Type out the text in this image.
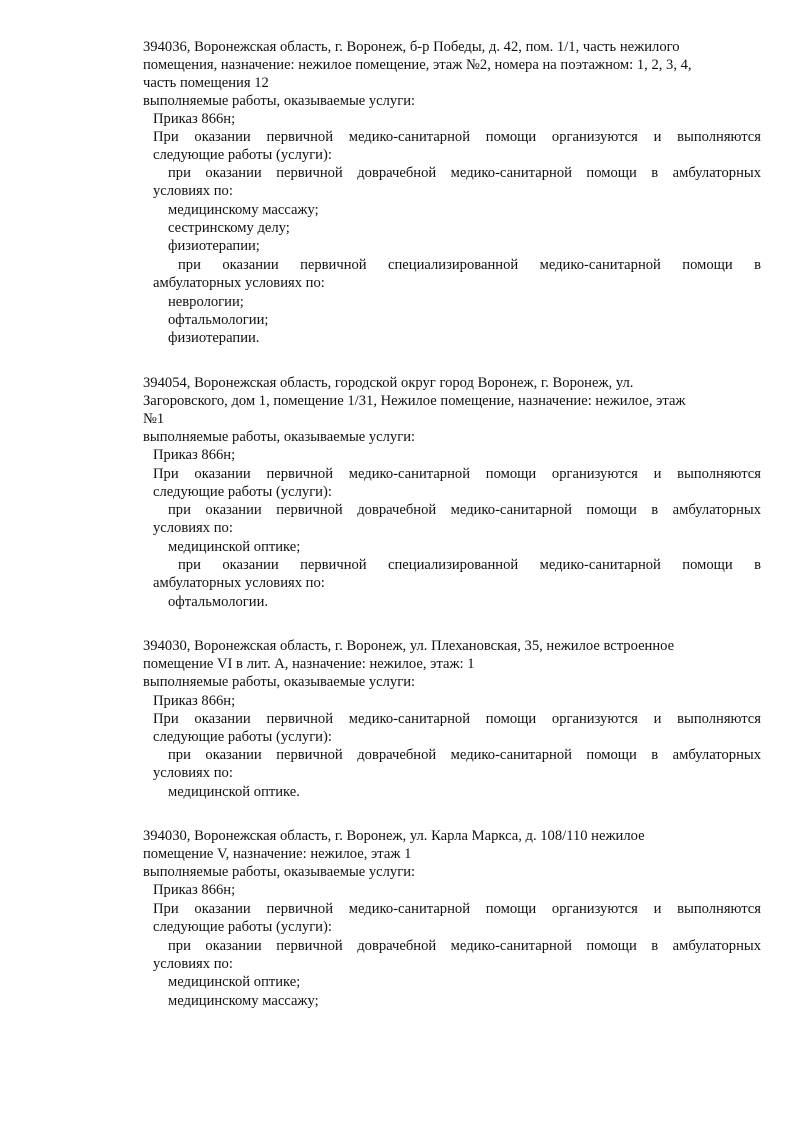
394036, Воронежская область, г. Воронеж, б-р Победы, д. 42, пом. 1/1, часть нежилого
помещения, назначение: нежилое помещение, этаж №2, номера на поэтажном: 1, 2, 3, 4,
часть помещения 12
выполняемые работы, оказываемые услуги:
Приказ 866н;
При оказании первичной медико-санитарной помощи организуются и выполняются
следующие работы (услуги):
при оказании первичной доврачебной медико-санитарной помощи в амбулаторных
условиях по:
медицинскому массажу;
сестринскому делу;
физиотерапии;
при оказании первичной специализированной медико-санитарной помощи в
амбулаторных условиях по:
неврологии;
офтальмологии;
физиотерапии.
394054, Воронежская область, городской округ город Воронеж, г. Воронеж, ул.
Загоровского, дом 1, помещение 1/31, Нежилое помещение, назначение: нежилое, этаж
№1
выполняемые работы, оказываемые услуги:
Приказ 866н;
При оказании первичной медико-санитарной помощи организуются и выполняются
следующие работы (услуги):
при оказании первичной доврачебной медико-санитарной помощи в амбулаторных
условиях по:
медицинской оптике;
при оказании первичной специализированной медико-санитарной помощи в
амбулаторных условиях по:
офтальмологии.
394030, Воронежская область, г. Воронеж, ул. Плехановская, 35, нежилое встроенное
помещение VI в лит. А, назначение: нежилое, этаж: 1
выполняемые работы, оказываемые услуги:
Приказ 866н;
При оказании первичной медико-санитарной помощи организуются и выполняются
следующие работы (услуги):
при оказании первичной доврачебной медико-санитарной помощи в амбулаторных
условиях по:
медицинской оптике.
394030, Воронежская область, г. Воронеж, ул. Карла Маркса, д. 108/110 нежилое
помещение V, назначение: нежилое, этаж 1
выполняемые работы, оказываемые услуги:
Приказ 866н;
При оказании первичной медико-санитарной помощи организуются и выполняются
следующие работы (услуги):
при оказании первичной доврачебной медико-санитарной помощи в амбулаторных
условиях по:
медицинской оптике;
медицинскому массажу;
